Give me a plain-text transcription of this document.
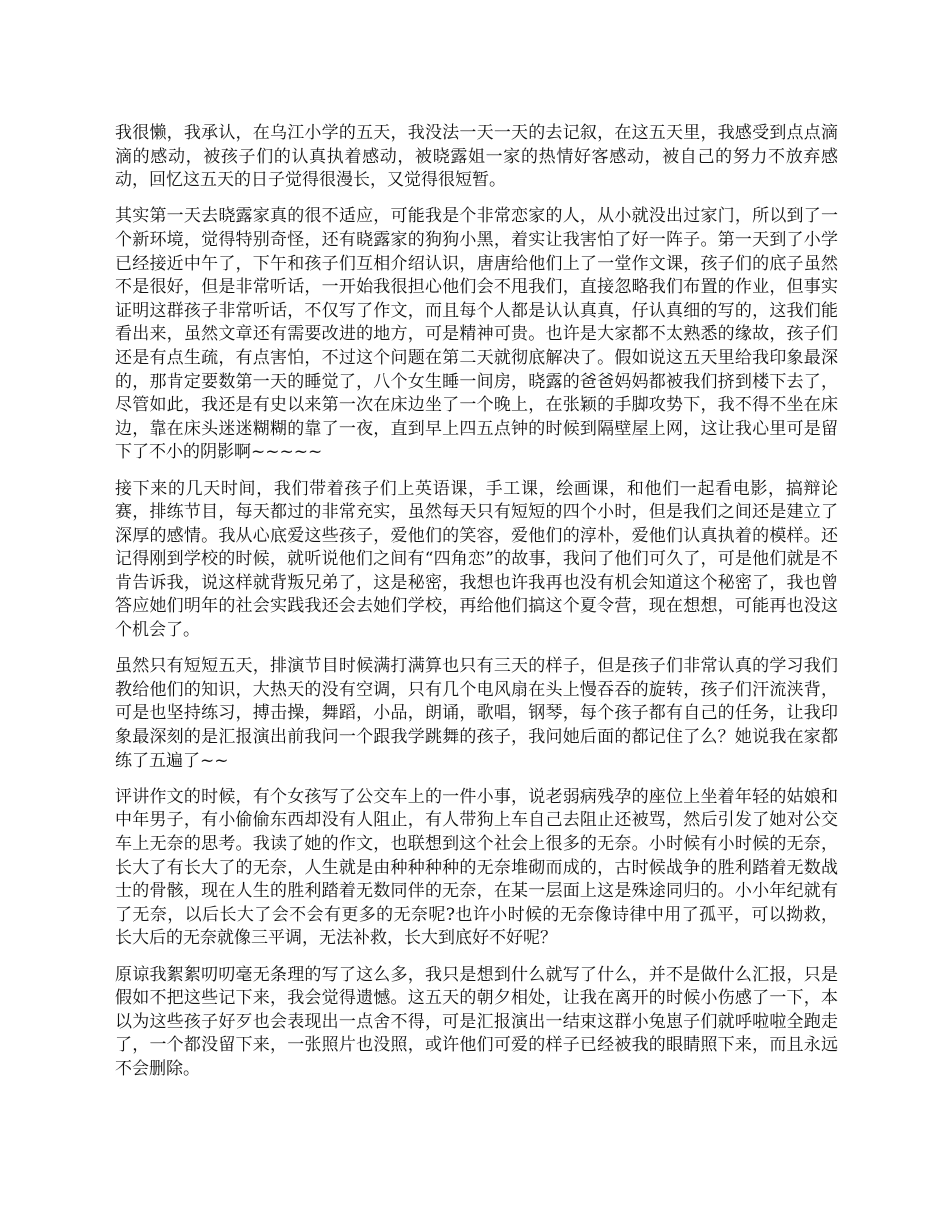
我很懒，我承认，在乌江小学的五天，我没法一天一天的去记叙，在这五天里，我感受到点点滴滴的感动，被孩子们的认真执着感动，被晓露姐一家的热情好客感动，被自己的努力不放弃感动，回忆这五天的日子觉得很漫长，又觉得很短暂。

其实第一天去晓露家真的很不适应，可能我是个非常恋家的人，从小就没出过家门，所以到了一个新环境，觉得特别奇怪，还有晓露家的狗狗小黑，着实让我害怕了好一阵子。第一天到了小学已经接近中午了，下午和孩子们互相介绍认识，唐唐给他们上了一堂作文课，孩子们的底子虽然不是很好，但是非常听话，一开始我很担心他们会不甩我们，直接忽略我们布置的作业，但事实证明这群孩子非常听话，不仅写了作文，而且每个人都是认认真真，仔认真细的写的，这我们能看出来，虽然文章还有需要改进的地方，可是精神可贵。也许是大家都不太熟悉的缘故，孩子们还是有点生疏，有点害怕，不过这个问题在第二天就彻底解决了。假如说这五天里给我印象最深的，那肯定要数第一天的睡觉了，八个女生睡一间房，晓露的爸爸妈妈都被我们挤到楼下去了，尽管如此，我还是有史以来第一次在床边坐了一个晚上，在张颖的手脚攻势下，我不得不坐在床边，靠在床头迷迷糊糊的靠了一夜，直到早上四五点钟的时候到隔壁屋上网，这让我心里可是留下了不小的阴影啊~~~~~

接下来的几天时间，我们带着孩子们上英语课，手工课，绘画课，和他们一起看电影，搞辩论赛，排练节目，每天都过的非常充实，虽然每天只有短短的四个小时，但是我们之间还是建立了深厚的感情。我从心底爱这些孩子，爱他们的笑容，爱他们的淳朴，爱他们认真执着的模样。还记得刚到学校的时候，就听说他们之间有“四角恋”的故事，我问了他们可久了，可是他们就是不肯告诉我，说这样就背叛兄弟了，这是秘密，我想也许我再也没有机会知道这个秘密了，我也曾答应她们明年的社会实践我还会去她们学校，再给他们搞这个夏令营，现在想想，可能再也没这个机会了。

虽然只有短短五天，排演节目时候满打满算也只有三天的样子，但是孩子们非常认真的学习我们教给他们的知识，大热天的没有空调，只有几个电风扇在头上慢吞吞的旋转，孩子们汗流浃背，可是也坚持练习，搏击操，舞蹈，小品，朗诵，歌唱，钢琴，每个孩子都有自己的任务，让我印象最深刻的是汇报演出前我问一个跟我学跳舞的孩子，我问她后面的都记住了么？她说我在家都练了五遍了~~

评讲作文的时候，有个女孩写了公交车上的一件小事，说老弱病残孕的座位上坐着年轻的姑娘和中年男子，有小偷偷东西却没有人阻止，有人带狗上车自己去阻止还被骂，然后引发了她对公交车上无奈的思考。我读了她的作文，也联想到这个社会上很多的无奈。小时候有小时候的无奈，长大了有长大了的无奈，人生就是由种种种种的无奈堆砌而成的，古时候战争的胜利踏着无数战士的骨骸，现在人生的胜利踏着无数同伴的无奈，在某一层面上这是殊途同归的。小小年纪就有了无奈，以后长大了会不会有更多的无奈呢?也许小时候的无奈像诗律中用了孤平，可以拗救，长大后的无奈就像三平调，无法补救，长大到底好不好呢？

原谅我絮絮叨叨毫无条理的写了这么多，我只是想到什么就写了什么，并不是做什么汇报，只是假如不把这些记下来，我会觉得遗憾。这五天的朝夕相处，让我在离开的时候小伤感了一下，本以为这些孩子好歹也会表现出一点舍不得，可是汇报演出一结束这群小兔崽子们就呼啦啦全跑走了，一个都没留下来，一张照片也没照，或许他们可爱的样子已经被我的眼睛照下来，而且永远不会删除。
